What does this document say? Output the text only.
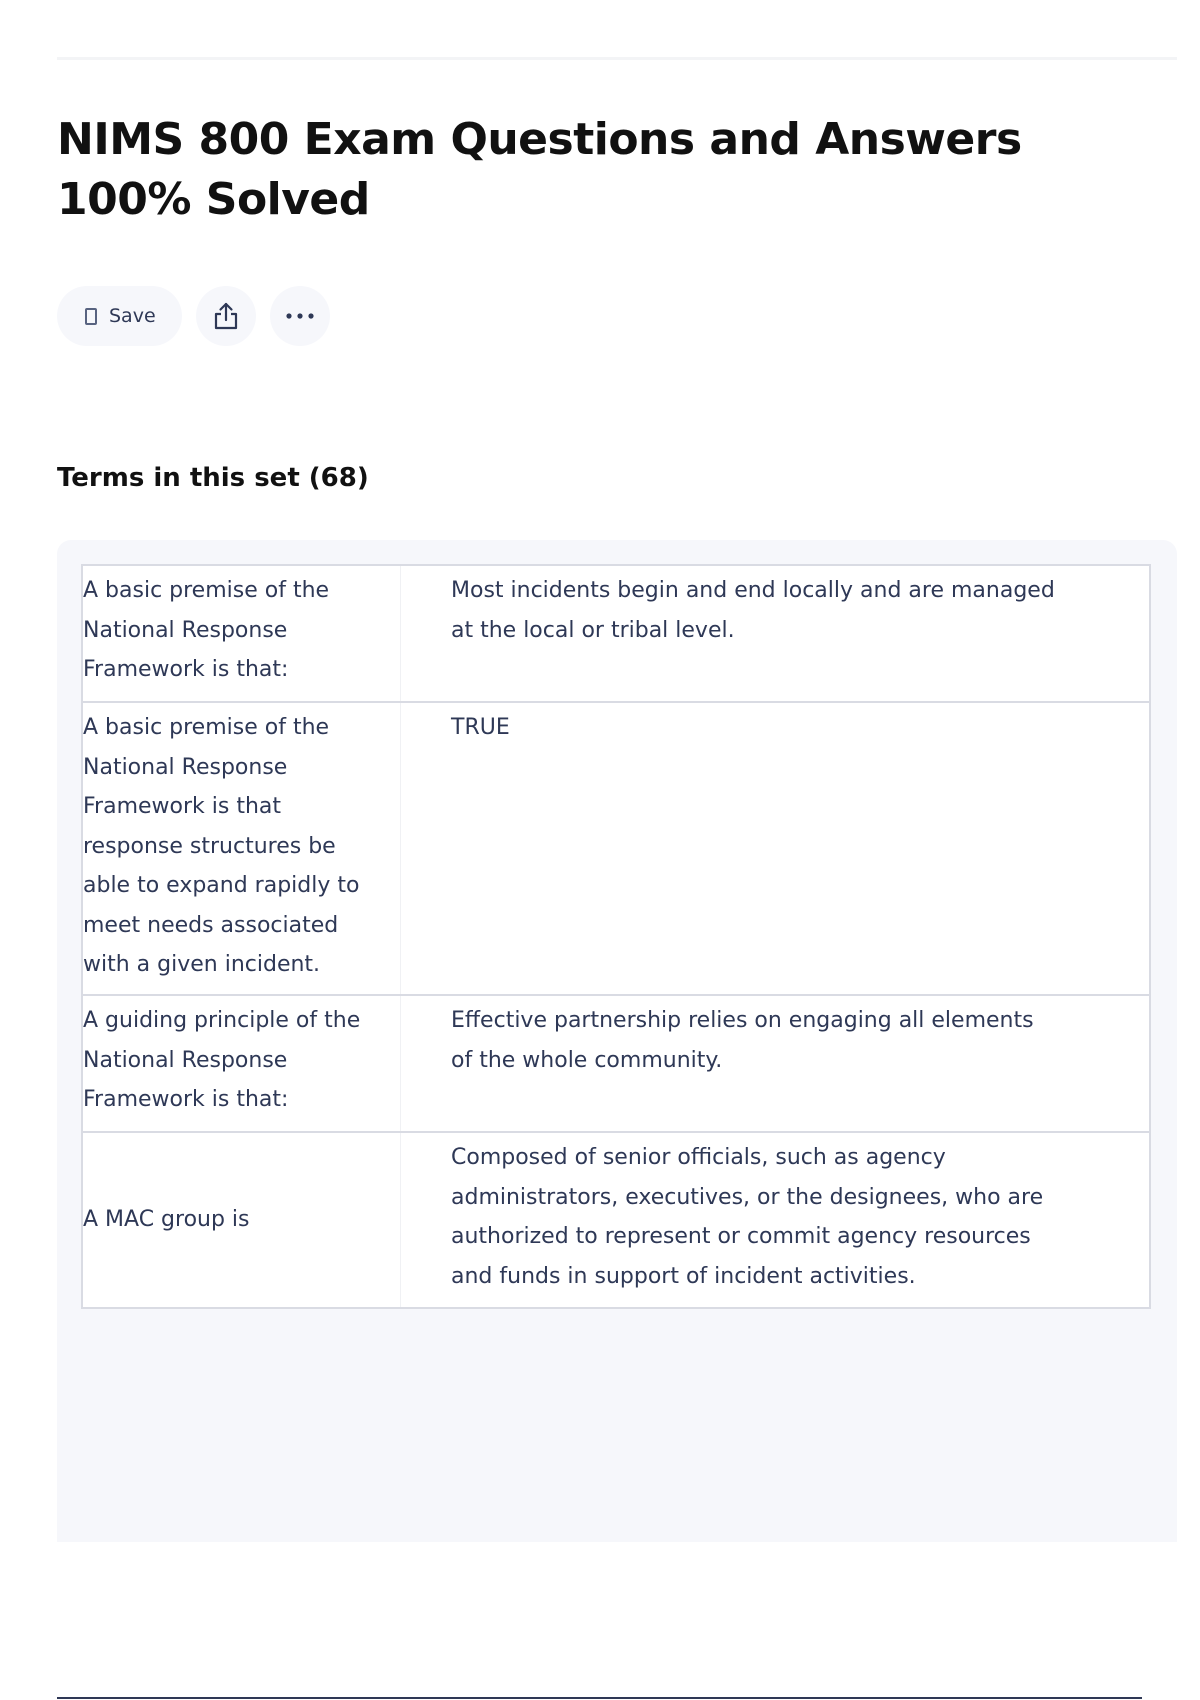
NIMS 800 Exam Questions and Answers 100% Solved
Save
Terms in this set (68)
A basic premise of the National Response Framework is that:
Most incidents begin and end locally and are managed at the local or tribal level.
A basic premise of the National Response Framework is that response structures be able to expand rapidly to meet needs associated with a given incident.
TRUE
A guiding principle of the National Response Framework is that:
Effective partnership relies on engaging all elements of the whole community.
A MAC group is
Composed of senior officials, such as agency administrators, executives, or the designees, who are authorized to represent or commit agency resources and funds in support of incident activities.
